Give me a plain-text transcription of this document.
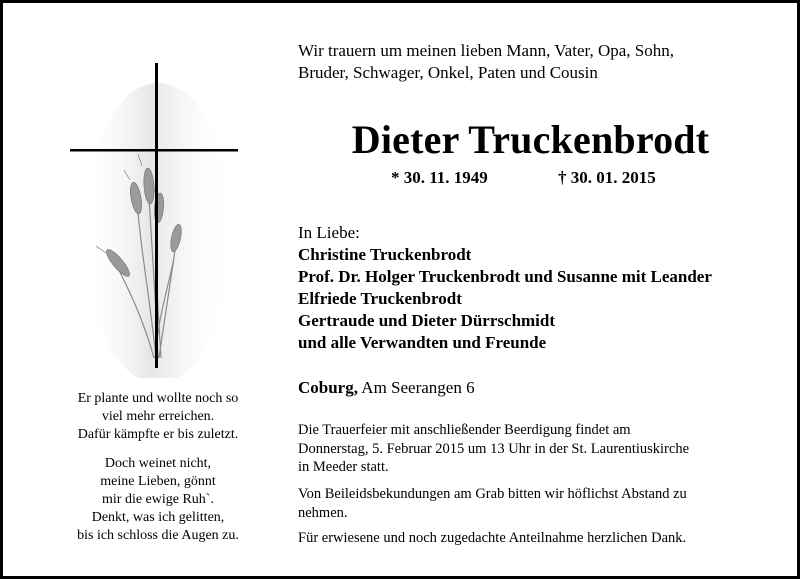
Er plante und wollte noch so
viel mehr erreichen.
Dafür kämpfte er bis zuletzt.
Doch weinet nicht,
meine Lieben, gönnt
mir die ewige Ruh`.
Denkt, was ich gelitten,
bis ich schloss die Augen zu.
Wir trauern um meinen lieben Mann, Vater, Opa, Sohn,
Bruder, Schwager, Onkel, Paten und Cousin
Dieter Truckenbrodt
* 30. 11. 1949	† 30. 01. 2015
In Liebe:
Christine Truckenbrodt
Prof. Dr. Holger Truckenbrodt und Susanne mit Leander
Elfriede Truckenbrodt
Gertraude und Dieter Dürrschmidt
und alle Verwandten und Freunde
Coburg, Am Seerangen 6
Die Trauerfeier mit anschließender Beerdigung findet am
Donnerstag, 5. Februar 2015 um 13 Uhr in der St. Laurentiuskirche
in Meeder statt.
Von Beileidsbekundungen am Grab bitten wir höflichst Abstand zu
nehmen.
Für erwiesene und noch zugedachte Anteilnahme herzlichen Dank.
